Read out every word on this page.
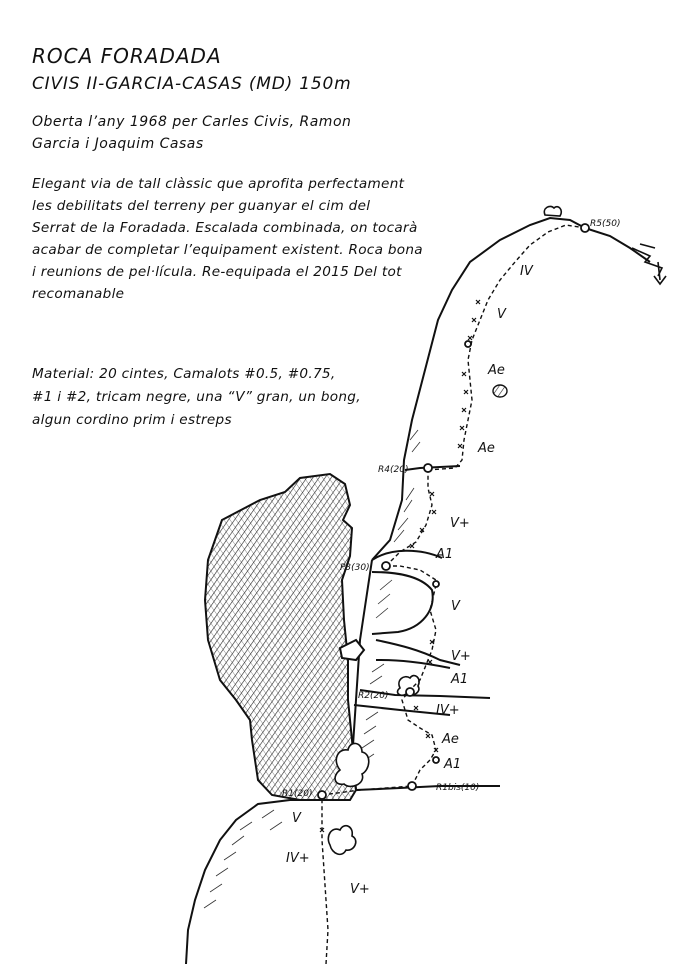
ROCA FORADADA
CIVIS II-GARCIA-CASAS (MD) 150m
Oberta l’any 1968 per Carles Civis, Ramon
Garcia i Joaquim Casas
Elegant via de tall clàssic que aprofita perfectament
les debilitats del terreny per guanyar el cim del
Serrat de la Foradada. Escalada combinada, on tocarà
acabar de completar l’equipament existent. Roca bona
i reunions de pel·lícula. Re-equipada el 2015 Del tot
recomanable
Material: 20 cintes, Camalots #0.5, #0.75,
#1 i #2, tricam negre, una “V” gran, un bong,
algun cordino prim i estreps
R5(50)
R4(20)
P3(30)
R2(20)
R1(20)
R1bis(10)
IV
V
Ae
Ae
V+
A1
V
V+
A1
IV+
Ae
A1
V
IV+
V+
